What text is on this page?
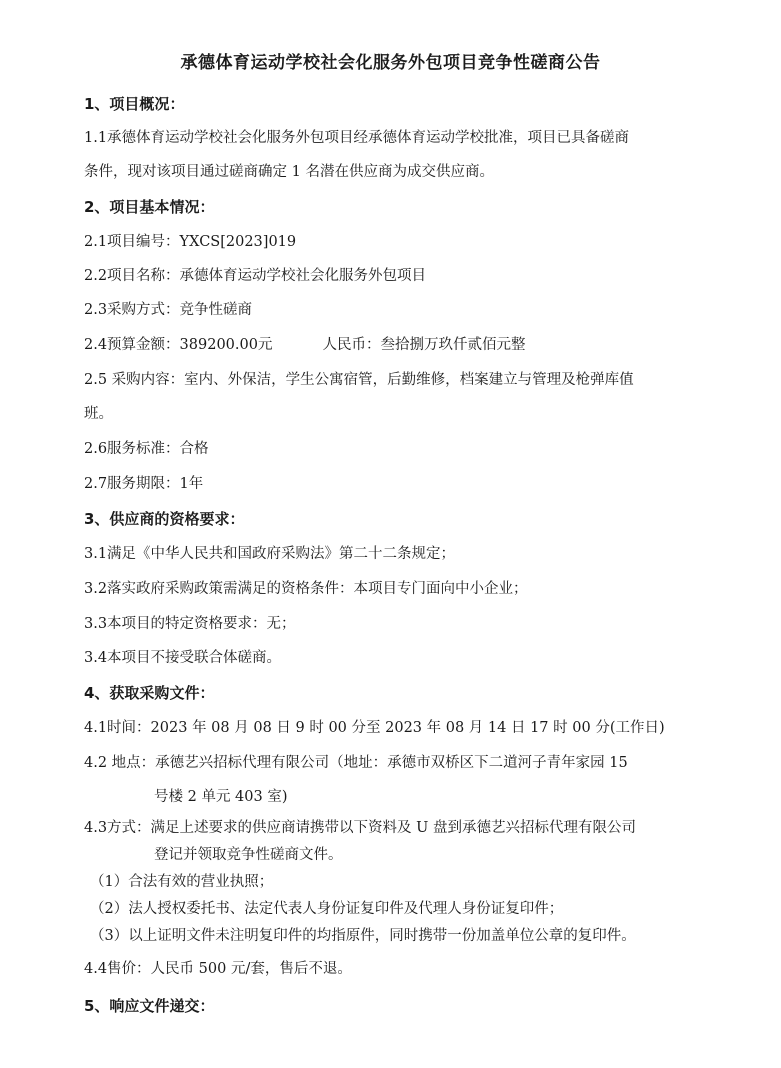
承德体育运动学校社会化服务外包项目竞争性磋商公告
1、项目概况：
1.1承德体育运动学校社会化服务外包项目经承德体育运动学校批准，项目已具备磋商
条件，现对该项目通过磋商确定 1 名潜在供应商为成交供应商。
2、项目基本情况：
2.1项目编号：YXCS[2023]019
2.2项目名称：承德体育运动学校社会化服务外包项目
2.3采购方式：竞争性磋商
2.4预算金额：389200.00元	人民币：叁拾捌万玖仟贰佰元整
2.5 采购内容：室内、外保洁，学生公寓宿管，后勤维修，档案建立与管理及枪弹库值
班。
2.6服务标准：合格
2.7服务期限：1年
3、供应商的资格要求：
3.1满足《中华人民共和国政府采购法》第二十二条规定；
3.2落实政府采购政策需满足的资格条件：本项目专门面向中小企业；
3.3本项目的特定资格要求：无；
3.4本项目不接受联合体磋商。
4、获取采购文件：
4.1时间：2023 年 08 月 08 日 9 时 00 分至 2023 年 08 月 14 日 17 时 00 分(工作日)
4.2 地点：承德艺兴招标代理有限公司（地址：承德市双桥区下二道河子青年家园 15
号楼 2 单元 403 室)
4.3方式：满足上述要求的供应商请携带以下资料及 U 盘到承德艺兴招标代理有限公司
登记并领取竞争性磋商文件。
（1）合法有效的营业执照；
（2）法人授权委托书、法定代表人身份证复印件及代理人身份证复印件；
（3）以上证明文件未注明复印件的均指原件，同时携带一份加盖单位公章的复印件。
4.4售价：人民币 500 元/套，售后不退。
5、响应文件递交：
